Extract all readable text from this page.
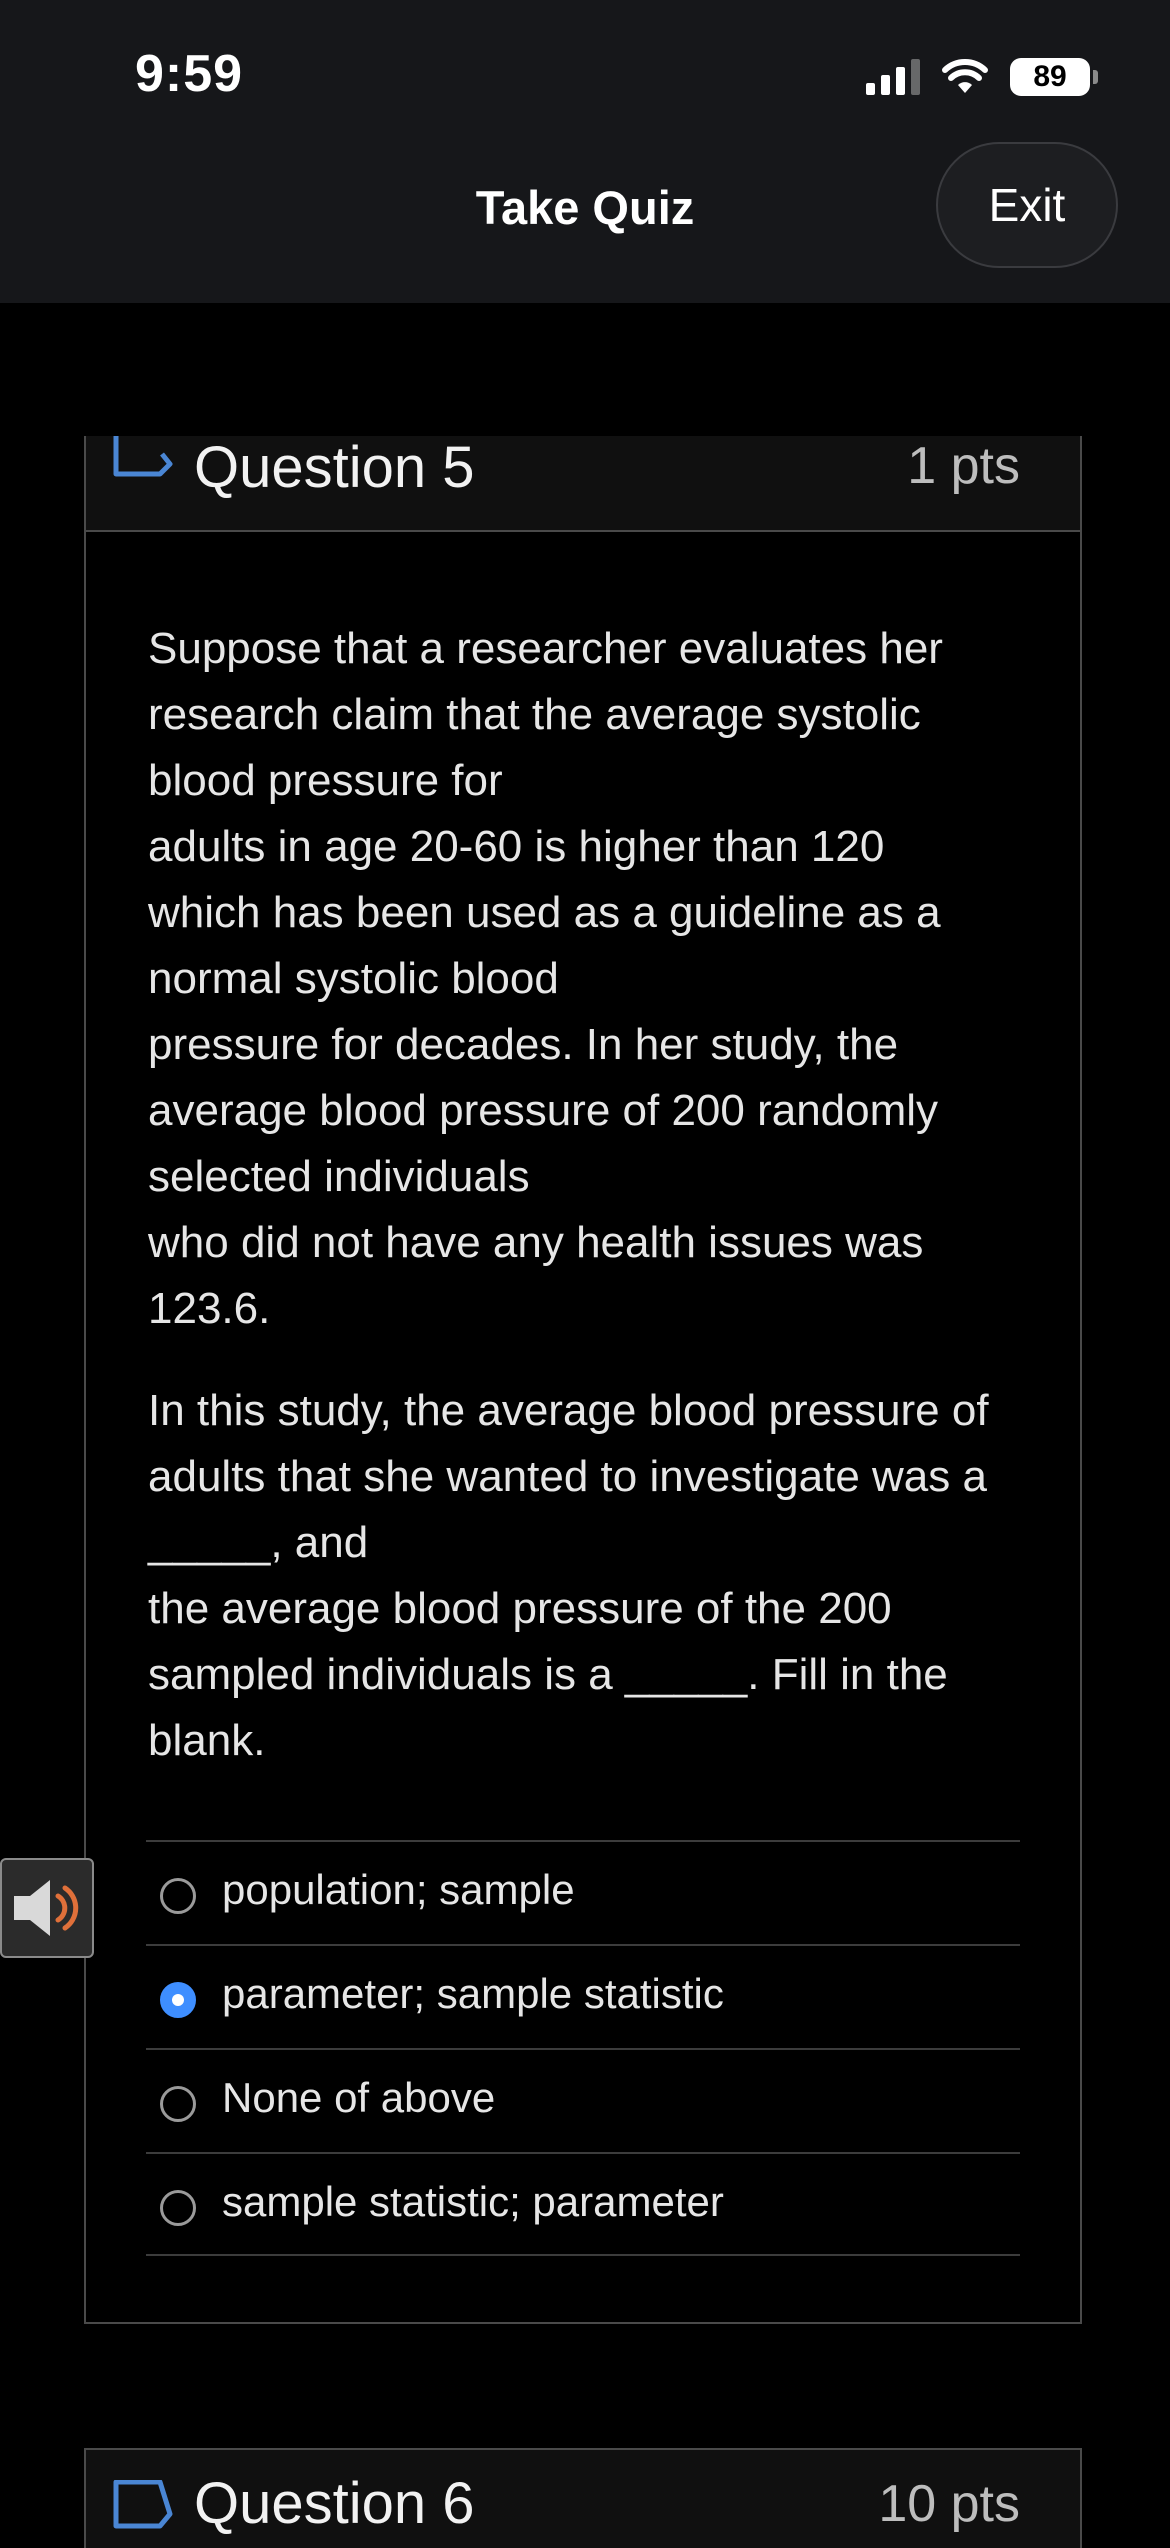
9:59	89
Take Quiz	Exit
Question 5	1 pts

Suppose that a researcher evaluates her
research claim that the average systolic
blood pressure for
adults in age 20-60 is higher than 120
which has been used as a guideline as a
normal systolic blood
pressure for decades. In her study, the
average blood pressure of 200 randomly
selected individuals
who did not have any health issues was
123.6.

In this study, the average blood pressure of
adults that she wanted to investigate was a
_____, and
the average blood pressure of the 200
sampled individuals is a _____. Fill in the
blank.

population; sample
parameter; sample statistic
None of above
sample statistic; parameter
Question 6	10 pts
